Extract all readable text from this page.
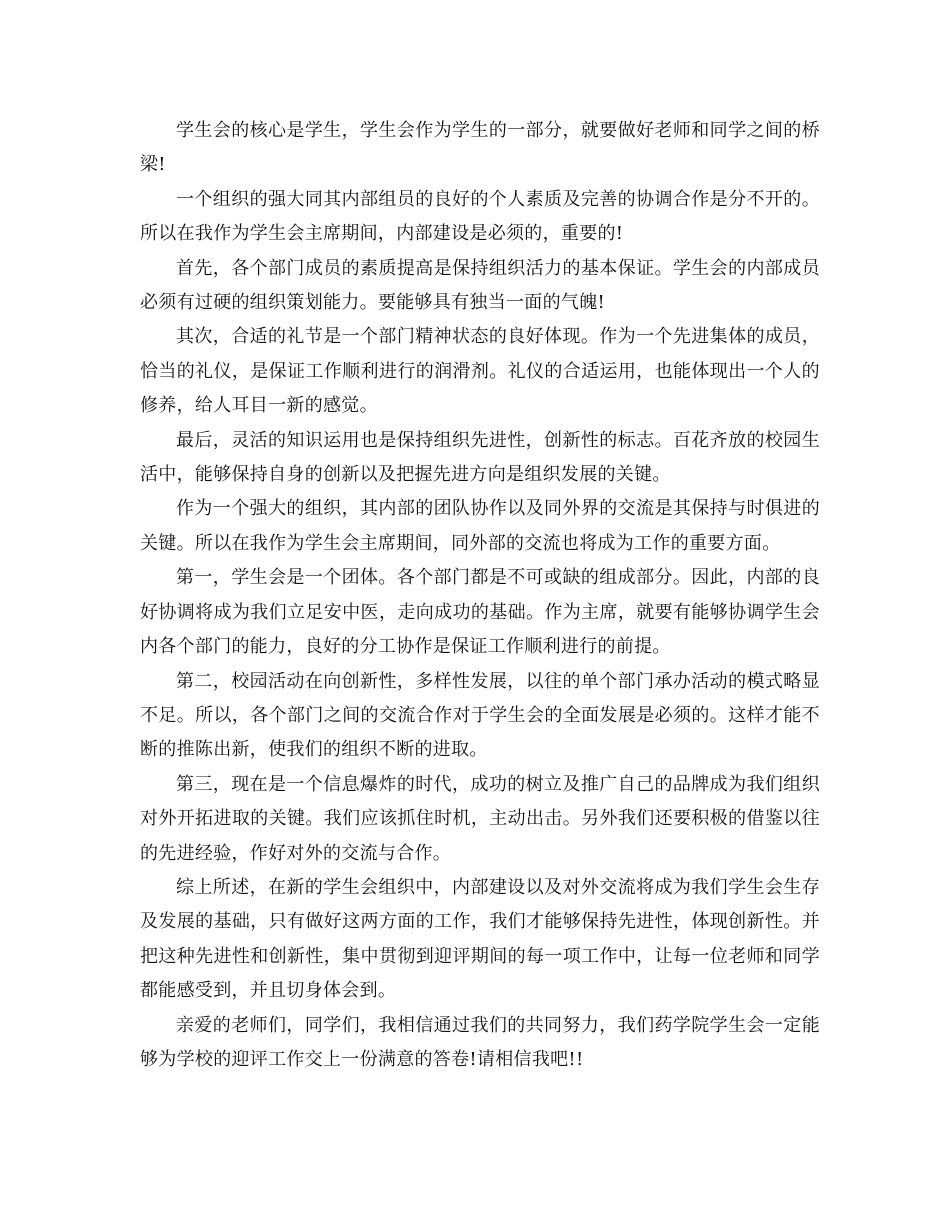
学生会的核心是学生，学生会作为学生的一部分，就要做好老师和同学之间的桥梁!

一个组织的强大同其内部组员的良好的个人素质及完善的协调合作是分不开的。所以在我作为学生会主席期间，内部建设是必须的，重要的!

首先，各个部门成员的素质提高是保持组织活力的基本保证。学生会的内部成员必须有过硬的组织策划能力。要能够具有独当一面的气魄!

其次，合适的礼节是一个部门精神状态的良好体现。作为一个先进集体的成员，恰当的礼仪，是保证工作顺利进行的润滑剂。礼仪的合适运用，也能体现出一个人的修养，给人耳目一新的感觉。

最后，灵活的知识运用也是保持组织先进性，创新性的标志。百花齐放的校园生活中，能够保持自身的创新以及把握先进方向是组织发展的关键。

作为一个强大的组织，其内部的团队协作以及同外界的交流是其保持与时俱进的关键。所以在我作为学生会主席期间，同外部的交流也将成为工作的重要方面。

第一，学生会是一个团体。各个部门都是不可或缺的组成部分。因此，内部的良好协调将成为我们立足安中医，走向成功的基础。作为主席，就要有能够协调学生会内各个部门的能力，良好的分工协作是保证工作顺利进行的前提。

第二，校园活动在向创新性，多样性发展，以往的单个部门承办活动的模式略显不足。所以，各个部门之间的交流合作对于学生会的全面发展是必须的。这样才能不断的推陈出新，使我们的组织不断的进取。

第三，现在是一个信息爆炸的时代，成功的树立及推广自己的品牌成为我们组织对外开拓进取的关键。我们应该抓住时机，主动出击。另外我们还要积极的借鉴以往的先进经验，作好对外的交流与合作。

综上所述，在新的学生会组织中，内部建设以及对外交流将成为我们学生会生存及发展的基础，只有做好这两方面的工作，我们才能够保持先进性，体现创新性。并把这种先进性和创新性，集中贯彻到迎评期间的每一项工作中，让每一位老师和同学都能感受到，并且切身体会到。

亲爱的老师们，同学们，我相信通过我们的共同努力，我们药学院学生会一定能够为学校的迎评工作交上一份满意的答卷!请相信我吧!!
